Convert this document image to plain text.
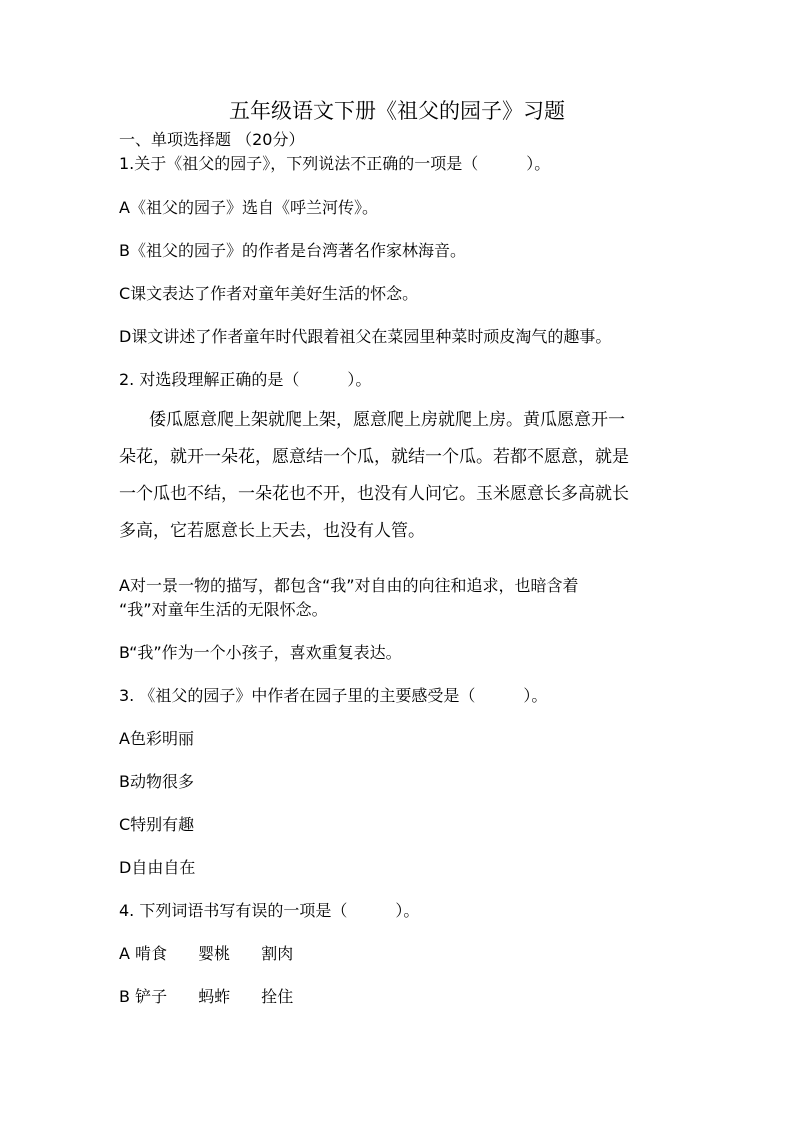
五年级语文下册《祖父的园子》习题
一、单项选择题 （20分）
1.关于《祖父的园子》，下列说法不正确的一项是（　　　）。
A《祖父的园子》选自《呼兰河传》。
B《祖父的园子》的作者是台湾著名作家林海音。
C课文表达了作者对童年美好生活的怀念。
D课文讲述了作者童年时代跟着祖父在菜园里种菜时顽皮淘气的趣事。
2. 对选段理解正确的是（　　　）。
倭瓜愿意爬上架就爬上架，愿意爬上房就爬上房。黄瓜愿意开一
朵花，就开一朵花，愿意结一个瓜，就结一个瓜。若都不愿意，就是
一个瓜也不结，一朵花也不开，也没有人问它。玉米愿意长多高就长
多高，它若愿意长上天去，也没有人管。
A对一景一物的描写，都包含“我”对自由的向往和追求，也暗含着
“我”对童年生活的无限怀念。
B“我”作为一个小孩子，喜欢重复表达。
3. 《祖父的园子》中作者在园子里的主要感受是（　　　）。
A色彩明丽
B动物很多
C特别有趣
D自由自在
4. 下列词语书写有误的一项是（　　　）。
A 啃食 婴桃 割肉
B 铲子 蚂蚱 拴住
